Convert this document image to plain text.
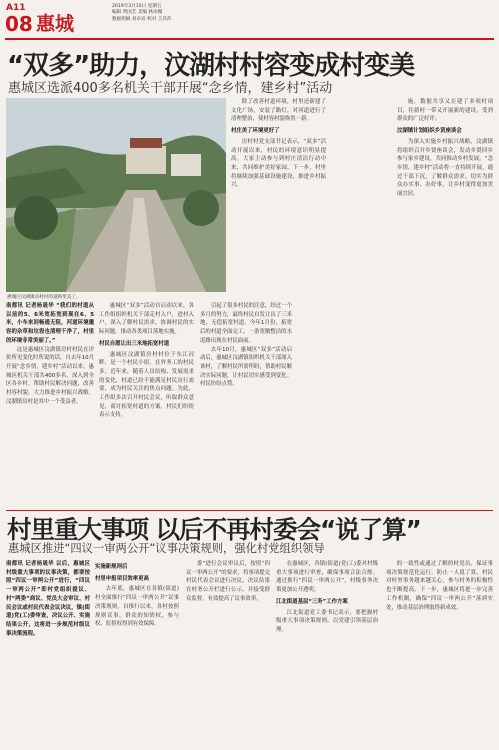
A11
08 惠城
2019年3月15日 星期五
编辑 黄国艺 美编 林冰娜
数据组稿 刘卓岩 校对 王莎莎
“双多”助力，汶湖村村容变成村变美
惠城区选派400多名机关干部开展“念乡情，建乡村”活动
惠城区汶湖镇房村村的道路变美了。
南都讯 记者杨晟华 “我们的村道从以前的5、6米宽拓宽到现在6、5米，小车来回畅通无阻，河道环境邈容的杂草和垃圾也清理干净了，村里的环境非常美丽了。”
这是惠城区汶湖镇房村村民在评价所见变化时所说的话。自去年10月开展“念乡情，建乡村”活动以来，惠城区机关干部共400多名，深入到全区各乡村，帮助村民解决问题，改善村容村貌，大力推进乡村振兴战略。汶湖镇房村是其中一个受益者。
惠城区“双多”活动自启动以来，各工作组组织机关干部走村入户，进村入户，深入了解村民需求，协调村民的实际问题，推动各类项目落地实施。
村民自愿让出三米地拓宽村道
惠城区汶湖镇房村村位于东江河畔，是一个村民小组，在外务工的村民多。近年来，随着人员结构、发展需求的变化，村道已经不能满足村民出行需要，成为村民关注的焦点问题。为此，工作组多次召开村民会议，听取群众意见，商讨拓宽村道的方案，村民们纷纷表示支持。
引起了很多村民的注意，经过一个多月的努力，最终村民自发让出了三米地，无偿拓宽村道。今年1月份，拓宽后的村道全面完工，一条宽敞整洁的水泥路出现在村民面前。
去年10月，惠城区“双多”活动启动后，惠城区汶湖镇组织机关干部深入该村，了解村民所需所盼，帮助村民解决实际问题，让村民切实感受到变化。村民纷纷点赞。
除了改善村道环境，村里还新建了文化广场，安装了路灯，对河道进行了清理整治，使村容村貌焕然一新。
村庄美了环境更好了
房村村党支部书记表示，“双多”活动开展以来，村民的环境意识明显提高，大家主动参与到村庄清洁行动中来，共同维护美好家园。下一步，村里将继续加强基础设施建设，推进乡村振兴。
施，数据共享又在建了多项村项目，往新村一带又开展新的建设，受到群众的广泛好评。
汶湖镇计划组织乡贤座谈会
为深入实施乡村振兴战略，汶湖镇将组织召开乡贤座谈会，发动乡贤回乡参与家乡建设，共同推动乡村发展。“念乡情，建乡村”活动将一直持续开展，通过干部下沉，了解群众需求，切实为群众办实事、办好事，让乡村变得更加美丽宜居。
村里重大事项 以后不再村委会“说了算”
惠城区推进“四议一审两公开”议事决策规则，强化村党组织领导
南都讯 记者杨晟华 以后，惠城区村级重大事项的议事决策，都要按照“四议一审两公开”进行，“四议一审两公开”即村党组织提议、村“两委”商议、党员大会审议、村民会议或村民代表会议决议，镇(街道)党(工)委审查，决议公开、实施结果公开，这将进一步规范村级议事决策流程。
实施新规则后
村里申报项目效率更高
去年底，惠城区在各镇(街道)村全面推行“四议一审两公开”议事决策规则。自推行以来，各村按照规则议事，群众的知情权、参与权、监督权得到有效保障。
委”进行会议审议后，按照“四议一审两公开”的要求，将事项提交村民代表会议进行决议，决议结果在村务公开栏进行公示，并接受群众监督，有效提高了议事效率。
在惠城区，各镇(街道)党(工)委对村级重大事项进行审查，确保事项合法合规。通过推行“四议一审两公开”，村级事务决策更加公开透明。
江北街道基层“三务”工作方案
江北街道党工委书记表示，要把握村级重大事项决策规则，以党建引领基层治理。
的一致性或通过了解的村党员，保证事项决策规范化运行，防止一人说了算，村民对村里事务越来越关心，参与村务的积极性也不断提高。下一步，惠城区将进一步完善工作机制，确保“四议一审两公开”落到实处，推动基层治理取得新成效。
